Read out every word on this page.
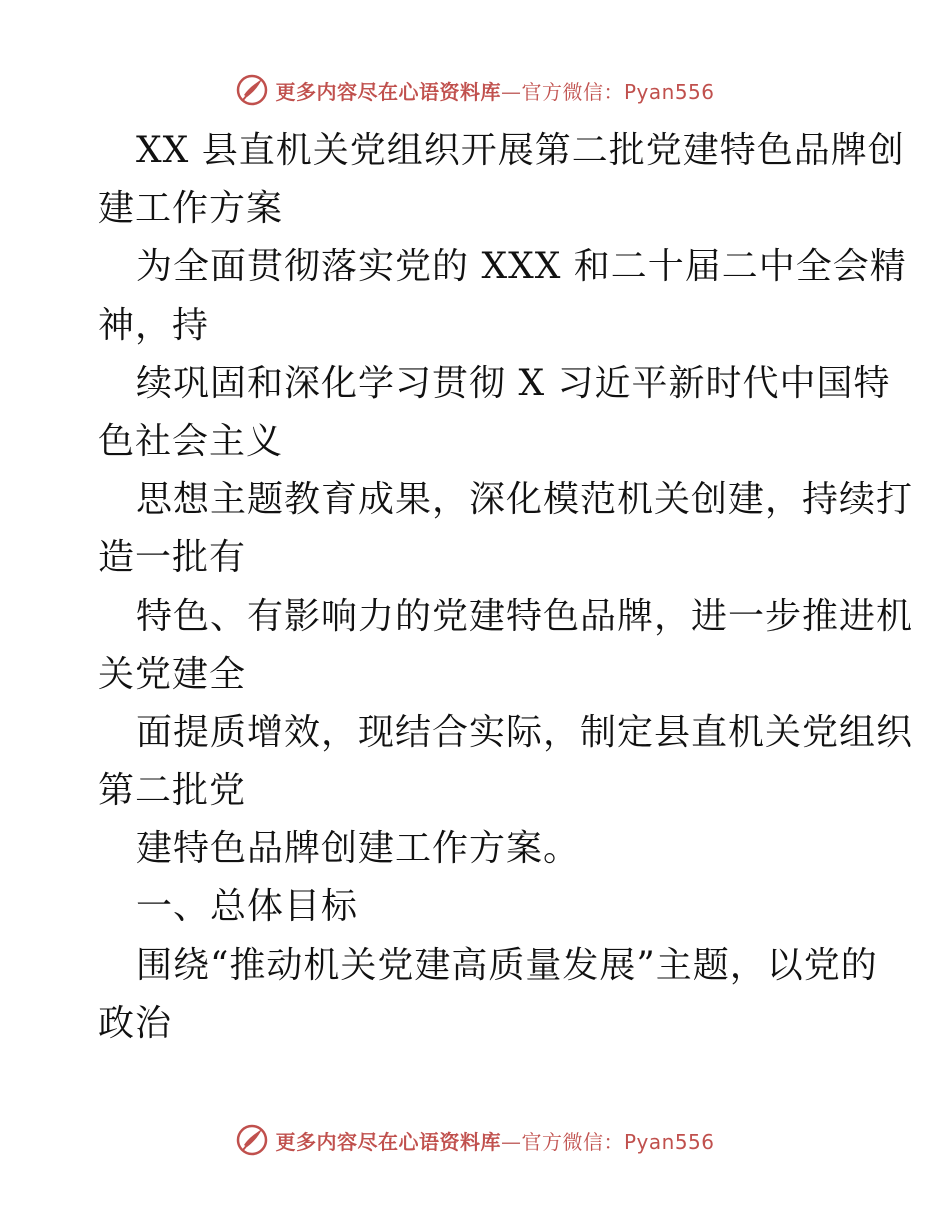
更多内容尽在心语资料库—官方微信：Pyan556
XX 县直机关党组织开展第二批党建特色品牌创
建工作方案
为全面贯彻落实党的 XXX 和二十届二中全会精
神，持
续巩固和深化学习贯彻 X 习近平新时代中国特
色社会主义
思想主题教育成果，深化模范机关创建，持续打
造一批有
特色、有影响力的党建特色品牌，进一步推进机
关党建全
面提质增效，现结合实际，制定县直机关党组织
第二批党
建特色品牌创建工作方案。
一、总体目标
围绕“推动机关党建高质量发展”主题，以党的
政治
更多内容尽在心语资料库—官方微信：Pyan556
